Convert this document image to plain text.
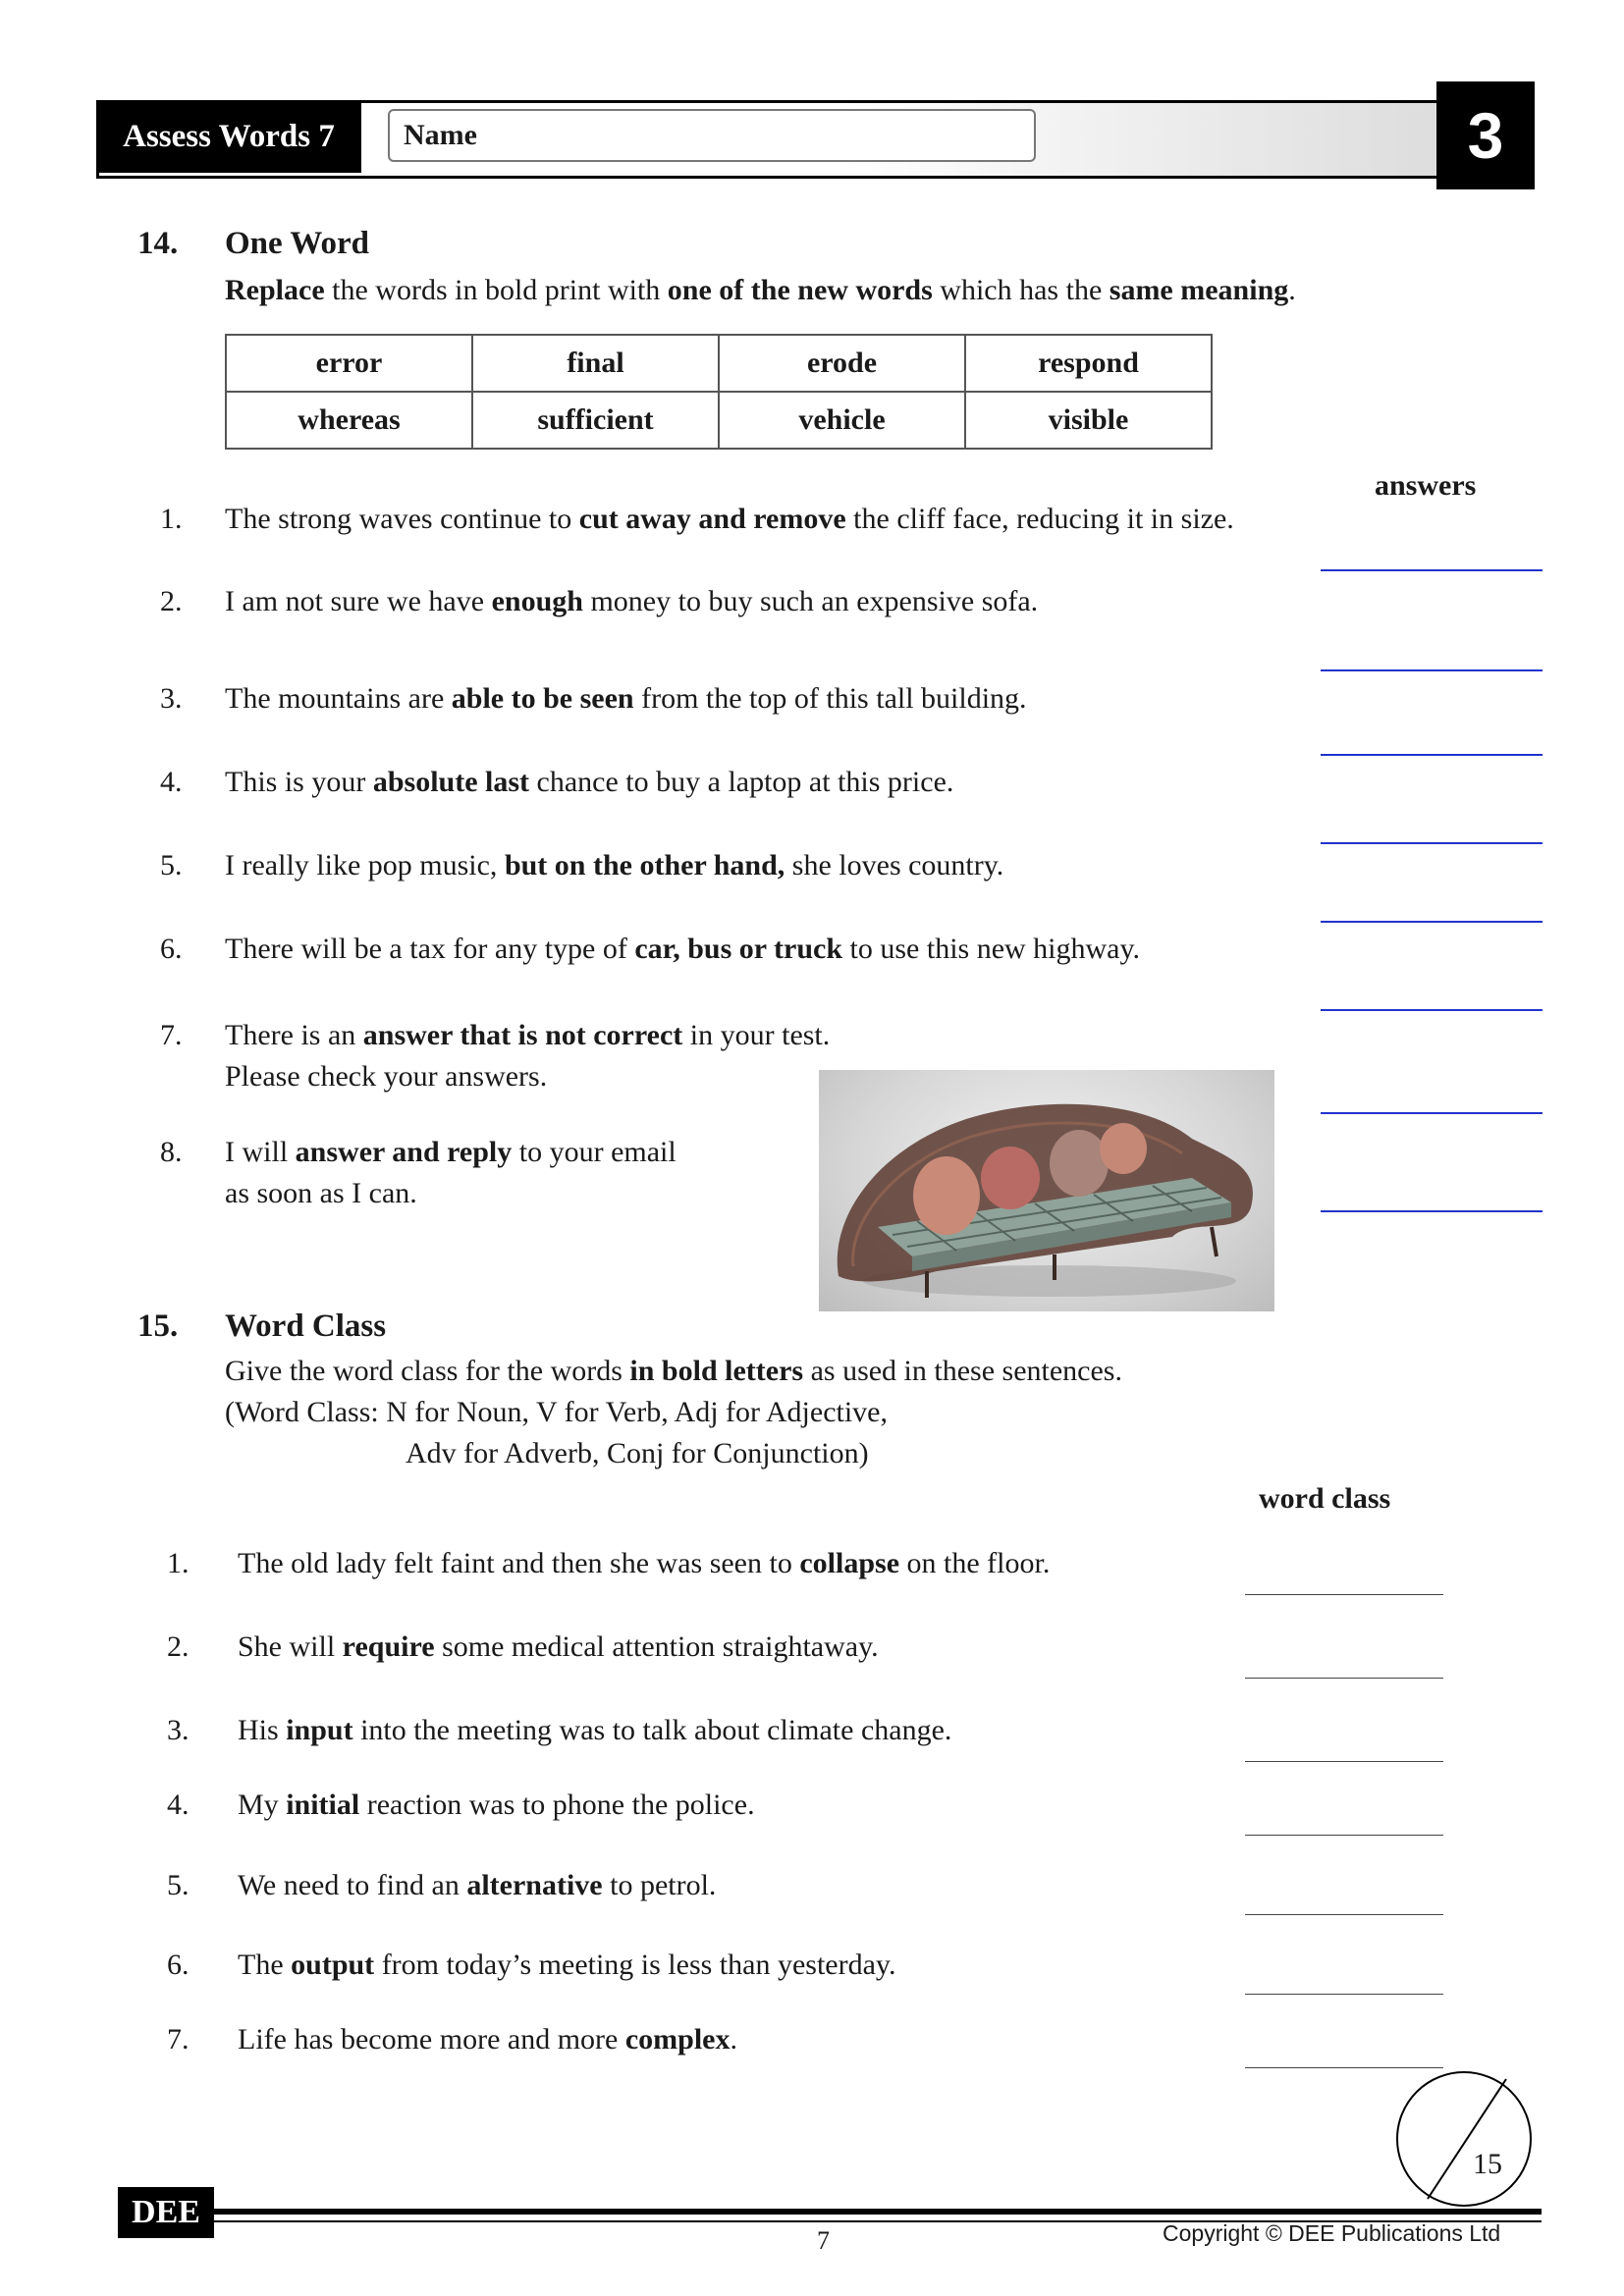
Assess Words 7	Name	3
14. One Word
Replace the words in bold print with one of the new words which has the same meaning.
error	final	erode	respond
whereas	sufficient	vehicle	visible
answers
1. The strong waves continue to cut away and remove the cliff face, reducing it in size.
2. I am not sure we have enough money to buy such an expensive sofa.
3. The mountains are able to be seen from the top of this tall building.
4. This is your absolute last chance to buy a laptop at this price.
5. I really like pop music, but on the other hand, she loves country.
6. There will be a tax for any type of car, bus or truck to use this new highway.
7. There is an answer that is not correct in your test.
Please check your answers.
8. I will answer and reply to your email
as soon as I can.
15. Word Class
Give the word class for the words in bold letters as used in these sentences.
(Word Class: N for Noun, V for Verb, Adj for Adjective,
Adv for Adverb, Conj for Conjunction)
word class
1. The old lady felt faint and then she was seen to collapse on the floor.
2. She will require some medical attention straightaway.
3. His input into the meeting was to talk about climate change.
4. My initial reaction was to phone the police.
5. We need to find an alternative to petrol.
6. The output from today’s meeting is less than yesterday.
7. Life has become more and more complex.
15
DEE
7	Copyright © DEE Publications Ltd
